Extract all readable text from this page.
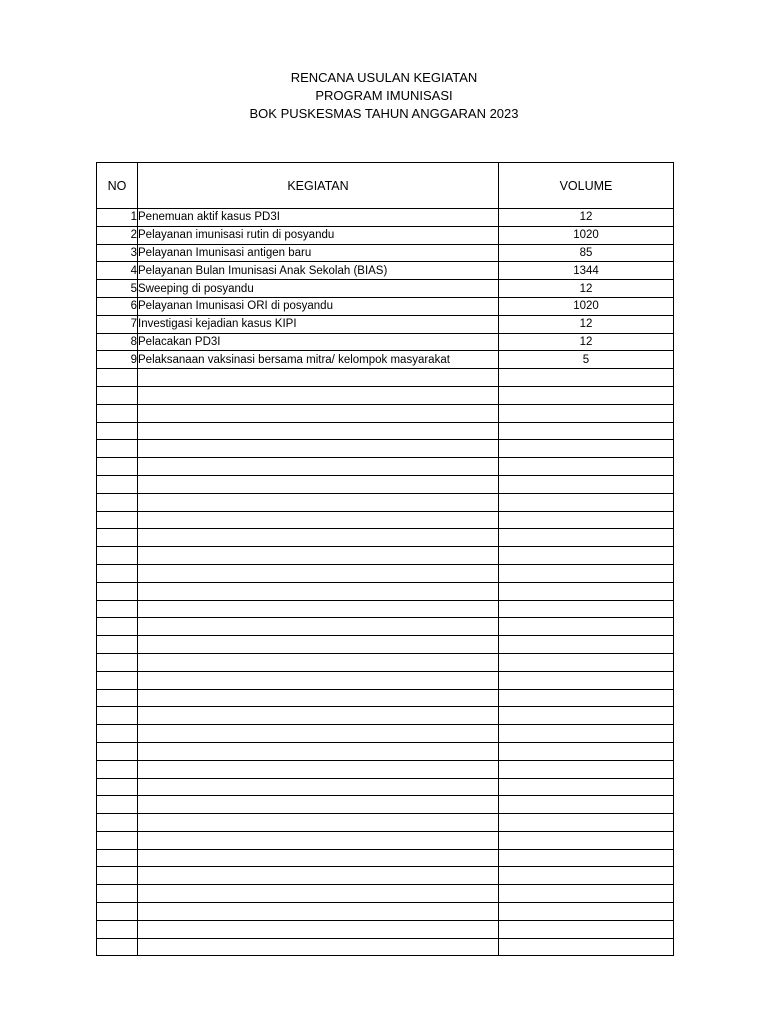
RENCANA USULAN KEGIATAN
PROGRAM IMUNISASI
BOK PUSKESMAS TAHUN ANGGARAN 2023
NO	KEGIATAN	VOLUME
1	Penemuan aktif kasus PD3I	12
2	Pelayanan imunisasi rutin di posyandu	1020
3	Pelayanan Imunisasi antigen baru	85
4	Pelayanan Bulan Imunisasi Anak Sekolah (BIAS)	1344
5	Sweeping di posyandu	12
6	Pelayanan Imunisasi ORI di posyandu	1020
7	Investigasi kejadian kasus KIPI	12
8	Pelacakan PD3I	12
9	Pelaksanaan vaksinasi bersama mitra/ kelompok masyarakat	5
